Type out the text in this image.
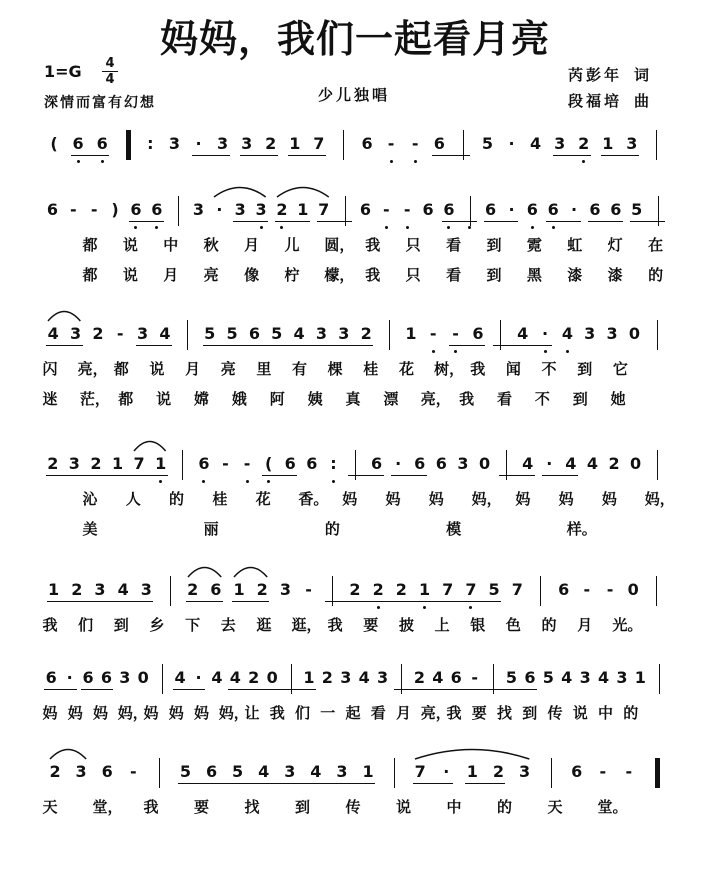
妈妈，我们一起看月亮
1=G	4
4
深情而富有幻想	少儿独唱
芮彭年 词
段福培 曲
( 6 6 : 3 · 3 3 2 1 7 6 - - 6 5 · 4 3 2 1 3
6 - - ) 6 6 3 · 3 3 2 1 7 6 - - 6 6 6 · 6 6 · 6 6 5
都 说 中 秋 月 儿 圆， 我 只 看 到 霓 虹 灯 在
都 说 月 亮 像 柠 檬， 我 只 看 到 黑 漆 漆 的
4 3 2 - 3 4 5 5 6 5 4 3 3 2 1 - - 6 4 · 4 3 3 0
闪 亮， 都 说 月 亮 里 有 棵 桂 花 树， 我 闻 不 到 它
迷 茫， 都 说 嫦 娥 阿 姨 真 漂 亮， 我 看 不 到 她
2 3 2 1 7 1 6 - - ( 6 6 : 6 · 6 6 3 0 4 · 4 4 2 0
沁 人 的 桂 花 香。 妈 妈 妈 妈， 妈 妈 妈 妈，
美	丽	的	模	样。
1 2 3 4 3 2 6 1 2 3 - 2 2 2 1 7 7 5 7 6 - - 0
我 们 到 乡 下 去 逛 逛， 我 要 披 上 银 色 的 月 光。
6 · 6 6 3 0 4 · 4 4 2 0 1 2 3 4 3 2 4 6 - 5 6 5 4 3 4 3 1
妈 妈 妈 妈，
妈 妈 妈 妈，
让 我 们 一 起 看 月 亮，
我 要 找 到 传 说 中 的
2 3 6 -	5 6 5 4 3 4 3 1	7 · 1 2 3	6 - -
天 堂， 我 要 找 到 传 说 中 的 天 堂。
